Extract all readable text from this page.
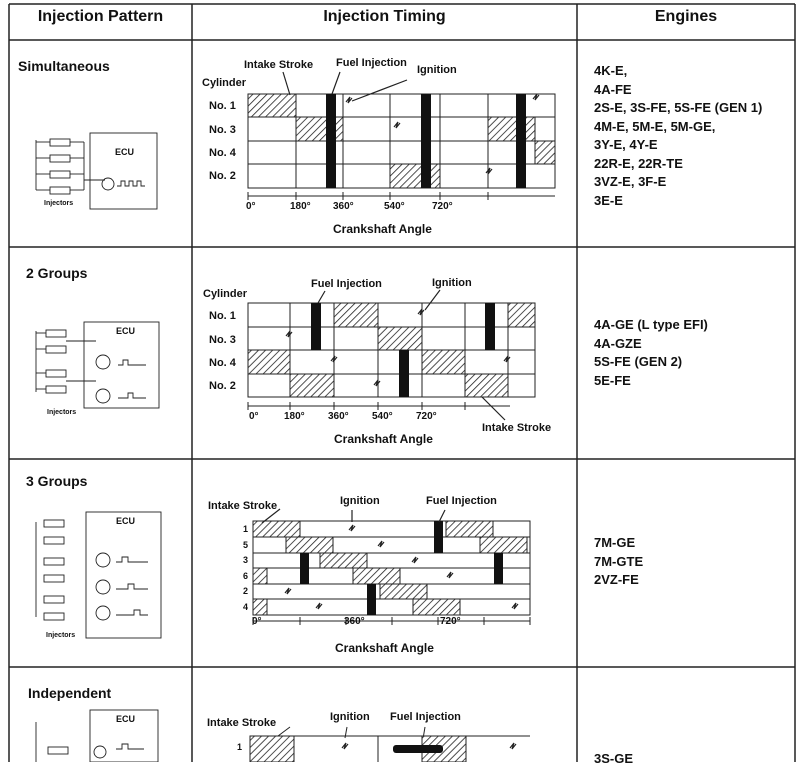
Injection Pattern	Injection Timing	Engines
Simultaneous
ECU
Injectors
Intake Stroke Fuel Injection
Ignition
Cylinder
No. 1
No. 3
No. 4
No. 2
0°	180° 360°	540°	720°
Crankshaft Angle
4K-E,
4A-FE
2S-E, 3S-FE, 5S-FE (GEN 1)
4M-E, 5M-E, 5M-GE,
3Y-E, 4Y-E
22R-E, 22R-TE
3VZ-E, 3F-E
3E-E
2 Groups
ECU
Injectors
Fuel Injection	Ignition
Cylinder
No. 1
No. 3
No. 4
No. 2
0°	180° 360° 540° 720°
Crankshaft Angle
Intake Stroke
4A-GE (L type EFI)
4A-GZE
5S-FE (GEN 2)
5E-FE
3 Groups
ECU
Injectors
Intake Stroke	Ignition	Fuel Injection
1
5
3
6
2
4
0°	360°	720°
Crankshaft Angle
7M-GE
7M-GTE
2VZ-FE
Independent
ECU	Intake Stroke	Ignition Fuel Injection
1
3S-GE
